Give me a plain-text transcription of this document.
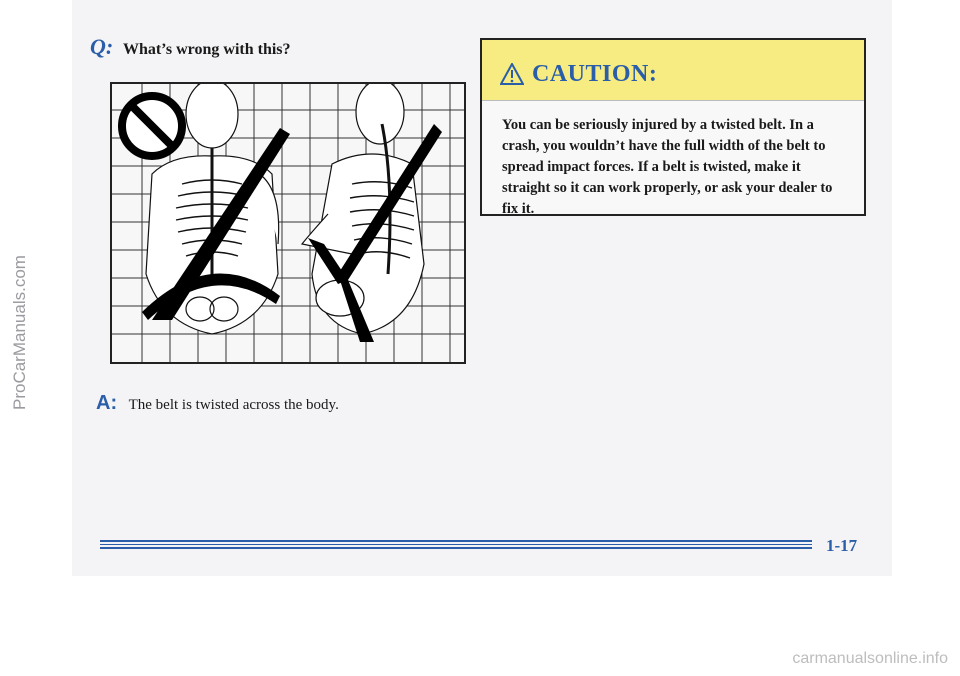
Q: What’s wrong with this?
A: The belt is twisted across the body.
CAUTION:
You can be seriously injured by a twisted belt. In a crash, you wouldn’t have the full width of the belt to spread impact forces. If a belt is twisted, make it straight so it can work properly, or ask your dealer to fix it.
1-17
ProCarManuals.com
carmanualsonline.info
